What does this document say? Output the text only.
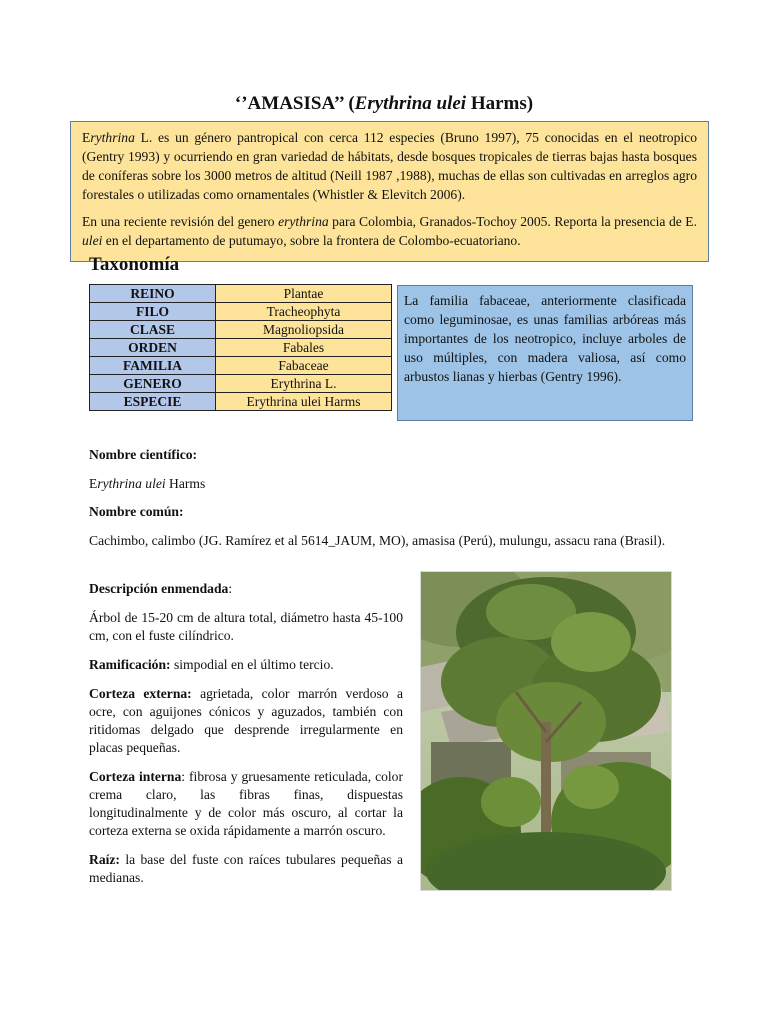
‘’AMASISA’’ (Erythrina ulei Harms)

Erythrina L. es un género pantropical con cerca 112 especies (Bruno 1997), 75 conocidas en el neotropico (Gentry 1993) y ocurriendo en gran variedad de hábitats, desde bosques tropicales de tierras bajas hasta bosques de coníferas sobre los 3000 metros de altitud (Neill 1987 ,1988), muchas de ellas son cultivadas en arreglos agro forestales o utilizadas como ornamentales (Whistler & Elevitch 2006).

En una reciente revisión del genero erythrina para Colombia, Granados-Tochoy 2005. Reporta la presencia de E. ulei en el departamento de putumayo, sobre la frontera de Colombo-ecuatoriano.

Taxonomía
REINO	Plantae
FILO	Tracheophyta
CLASE	Magnoliopsida
ORDEN	Fabales
FAMILIA	Fabaceae
GENERO	Erythrina L.
ESPECIE	Erythrina ulei Harms
La familia fabaceae, anteriormente clasificada como leguminosae, es unas familias arbóreas más importantes de los neotropico, incluye arboles de uso múltiples, con madera valiosa, así como arbustos lianas y hierbas (Gentry 1996).
Nombre científico:
Erythrina ulei Harms
Nombre común:
Cachimbo, calimbo (JG. Ramírez et al 5614_JAUM, MO), amasisa (Perú), mulungu, assacu rana (Brasil).

Descripción enmendada:

Árbol de 15-20 cm de altura total, diámetro hasta 45-100 cm, con el fuste cilíndrico.

Ramificación: simpodial en el último tercio.

Corteza externa: agrietada, color marrón verdoso a ocre, con aguijones cónicos y aguzados, también con ritidomas delgado que desprende irregularmente en placas pequeñas.

Corteza interna: fibrosa y gruesamente reticulada, color crema claro, las fibras finas, dispuestas longitudinalmente y de color más oscuro, al cortar la corteza externa se oxida rápidamente a marrón oscuro.

Raíz: la base del fuste con raíces tubulares pequeñas a medianas.
